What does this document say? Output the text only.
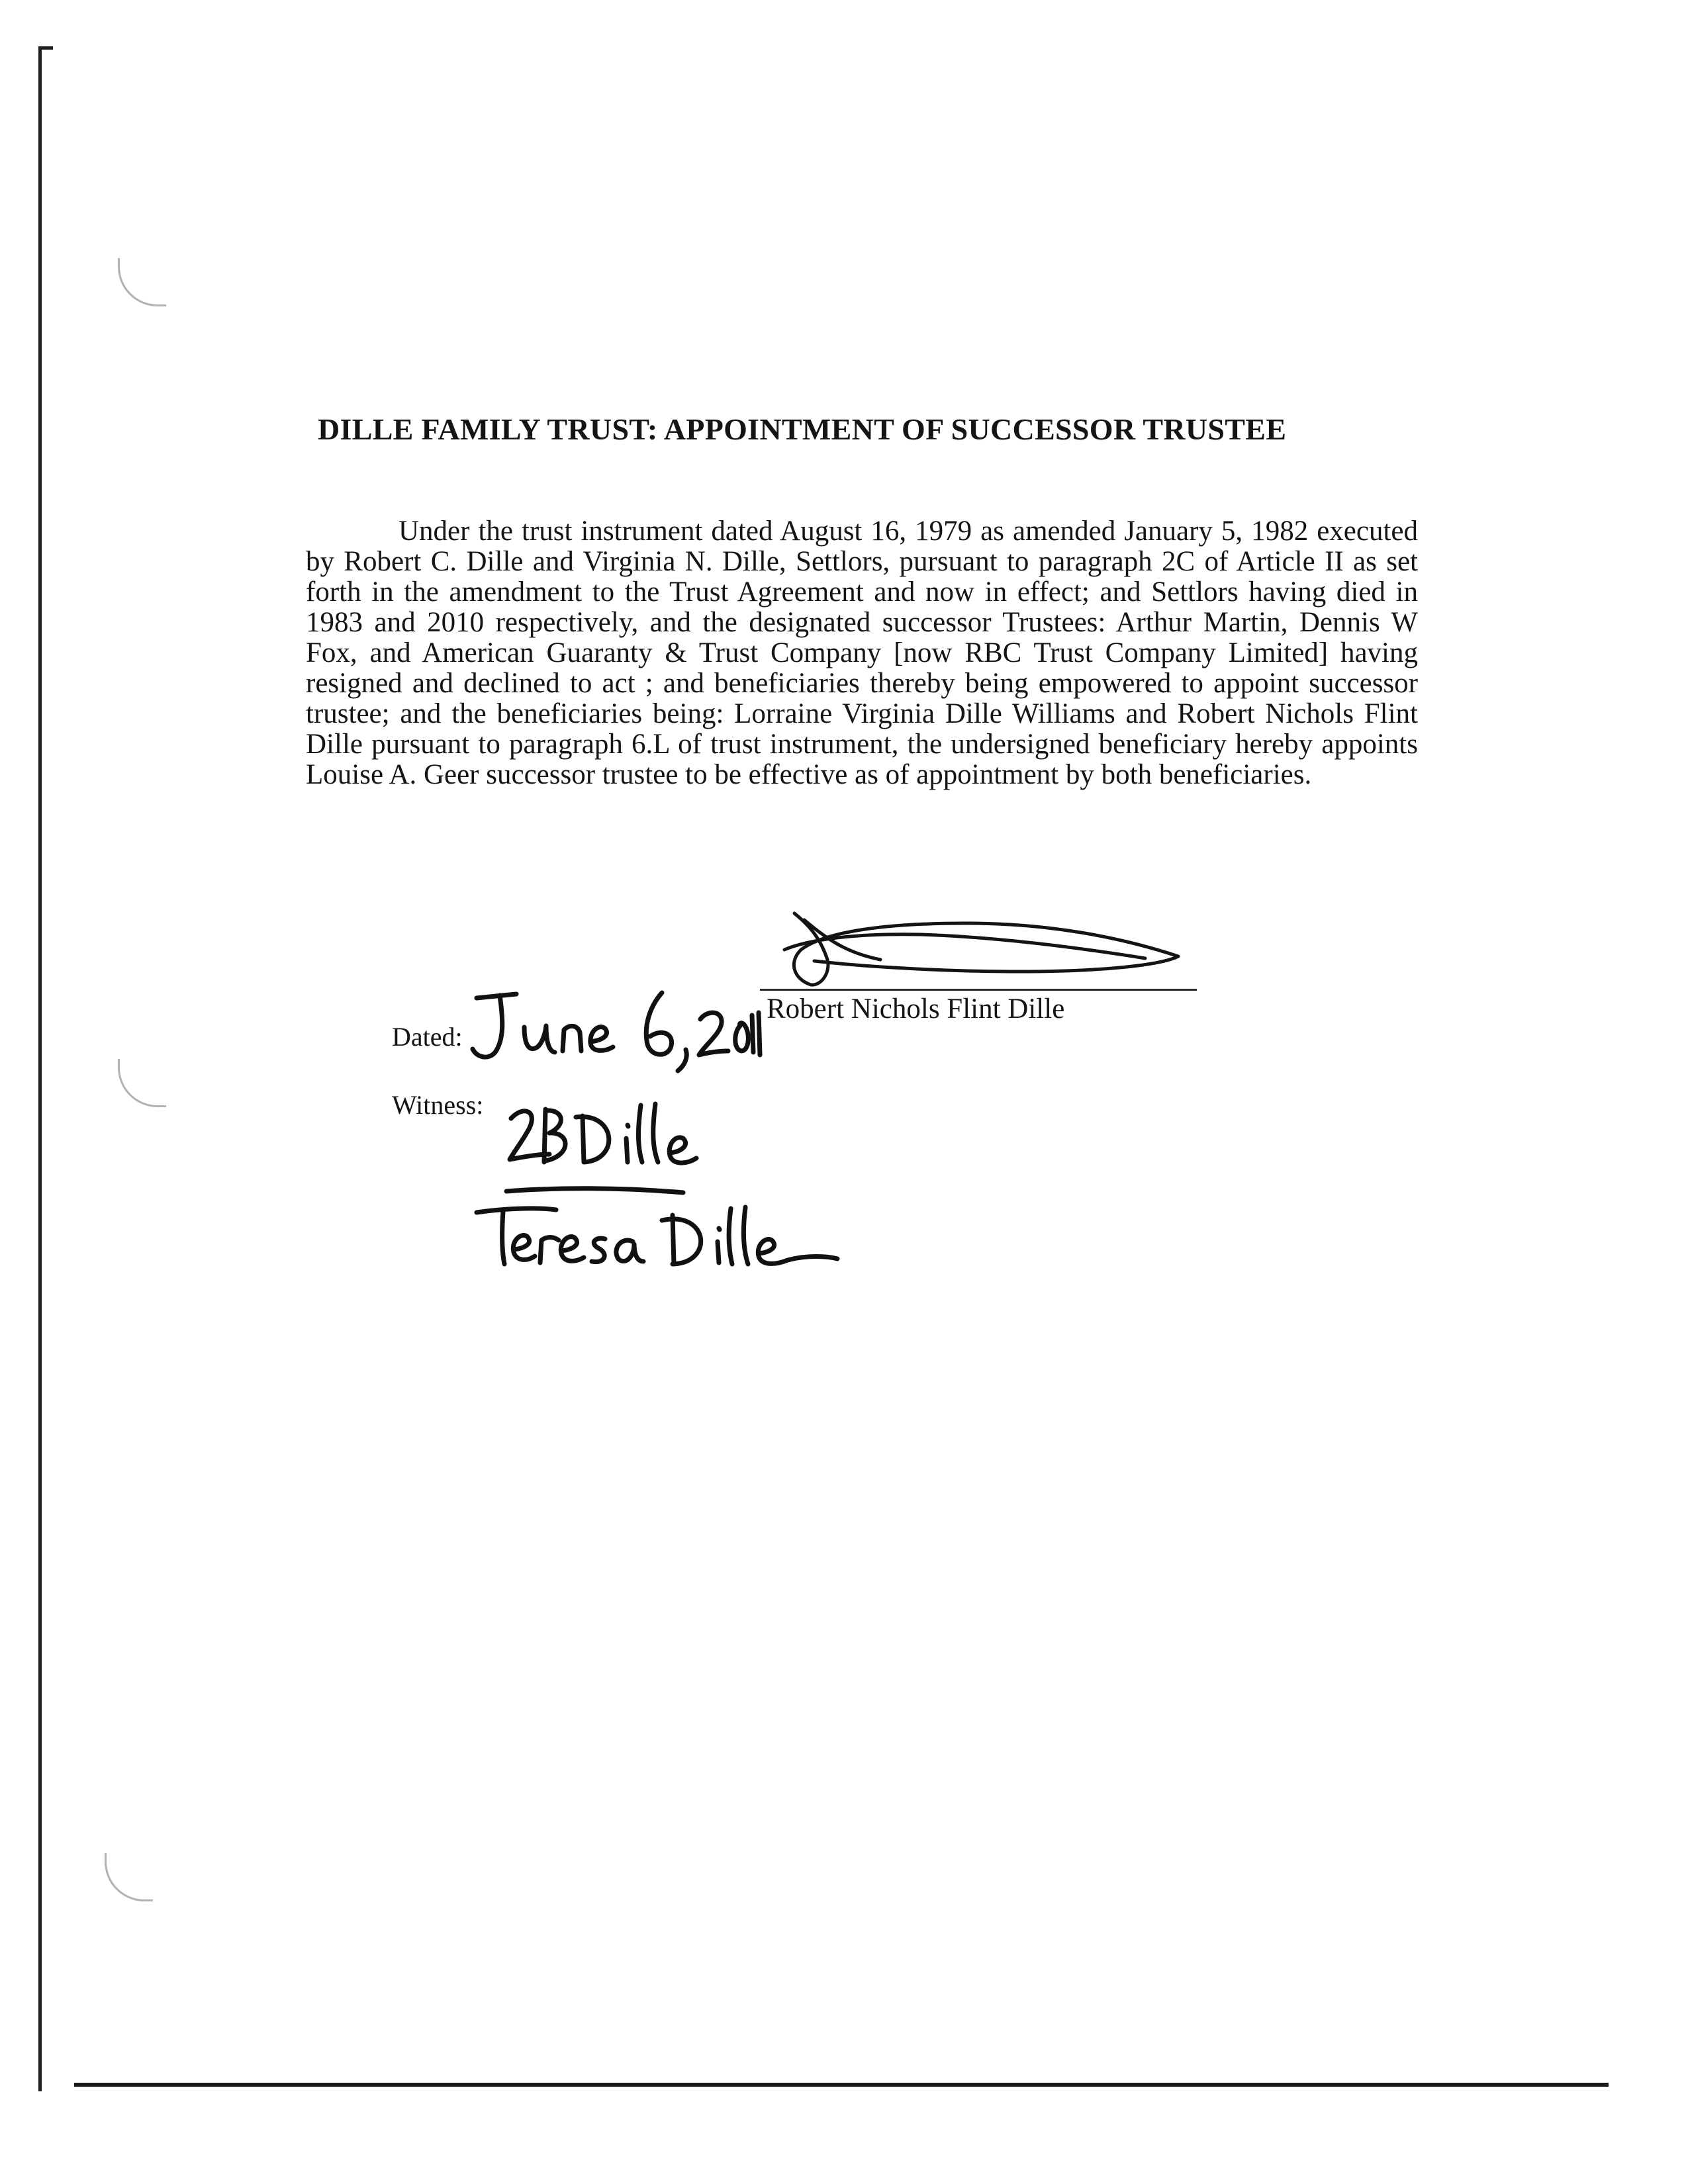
DILLE FAMILY TRUST: APPOINTMENT OF SUCCESSOR TRUSTEE
Under the trust instrument dated August 16, 1979 as amended January 5, 1982 executed by Robert C. Dille and Virginia N. Dille, Settlors, pursuant to paragraph 2C of Article II as set forth in the amendment to the Trust Agreement and now in effect; and Settlors having died in 1983 and 2010 respectively, and the designated successor Trustees: Arthur Martin, Dennis W Fox, and American Guaranty & Trust Company [now RBC Trust Company Limited] having resigned and declined to act ; and beneficiaries thereby being empowered to appoint successor trustee; and the beneficiaries being: Lorraine Virginia Dille Williams and Robert Nichols Flint Dille pursuant to paragraph 6.L of trust instrument, the undersigned beneficiary hereby appoints Louise A. Geer successor trustee to be effective as of appointment by both beneficiaries.
Robert Nichols Flint Dille
Dated:
Witness:
